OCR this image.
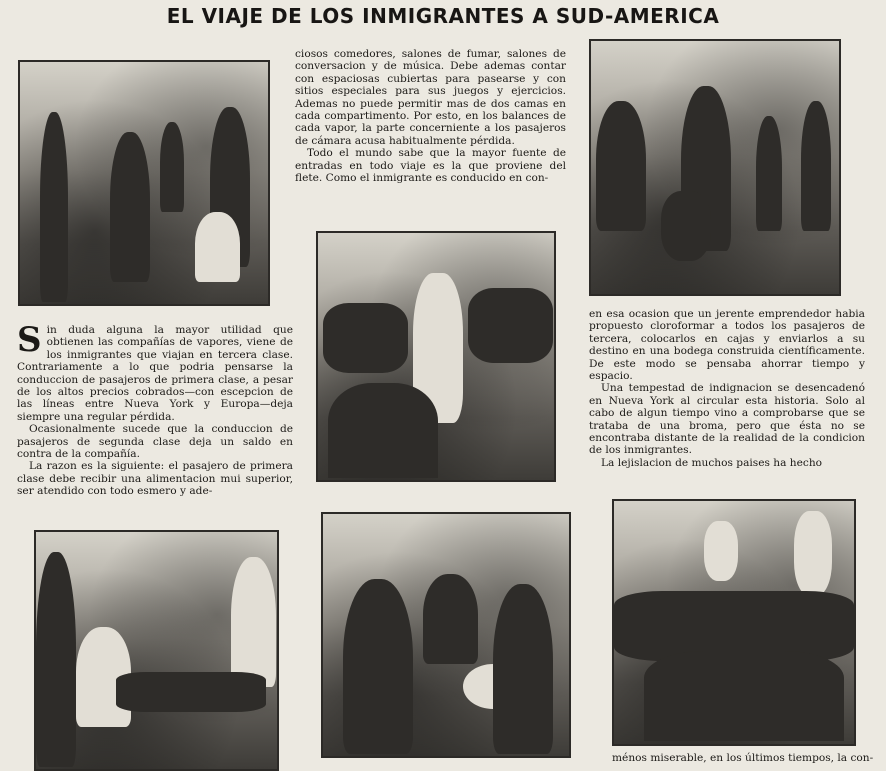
EL VIAJE DE LOS INMIGRANTES A SUD-AMERICA

Sin duda alguna la mayor utilidad que obtienen las compañías de vapores, viene de los inmigrantes que viajan en tercera clase. Contrariamente a lo que podria pensarse la conduccion de pasajeros de primera clase, a pesar de los altos precios cobrados—con escepcion de las líneas entre Nueva York y Europa—deja siempre una regular pérdida.

Ocasionalmente sucede que la conduccion de pasajeros de segunda clase deja un saldo en contra de la compañía.

La razon es la siguiente: el pasajero de primera clase debe recibir una alimentacion mui superior, ser atendido con todo esmero y ade-

ciosos comedores, salones de fumar, salones de conversacion y de música. Debe ademas contar con espaciosas cubiertas para pasearse y con sitios especiales para sus juegos y ejercicios. Ademas no puede permitir mas de dos camas en cada compartimento. Por esto, en los balances de cada vapor, la parte concerniente a los pasajeros de cámara acusa habitualmente pérdida.

Todo el mundo sabe que la mayor fuente de entradas en todo viaje es la que proviene del flete. Como el inmigrante es conducido en con-

en esa ocasion que un jerente emprendedor habia propuesto cloroformar a todos los pasajeros de tercera, colocarlos en cajas y enviarlos a su destino en una bodega construida científicamente. De este modo se pensaba ahorrar tiempo y espacio.

Una tempestad de indignacion se desencadenó en Nueva York al circular esta historia. Solo al cabo de algun tiempo vino a comprobarse que se trataba de una broma, pero que ésta no se encontraba distante de la realidad de la condicion de los inmigrantes.

La lejislacion de muchos paises ha hecho

ménos miserable, en los últimos tiempos, la con-
